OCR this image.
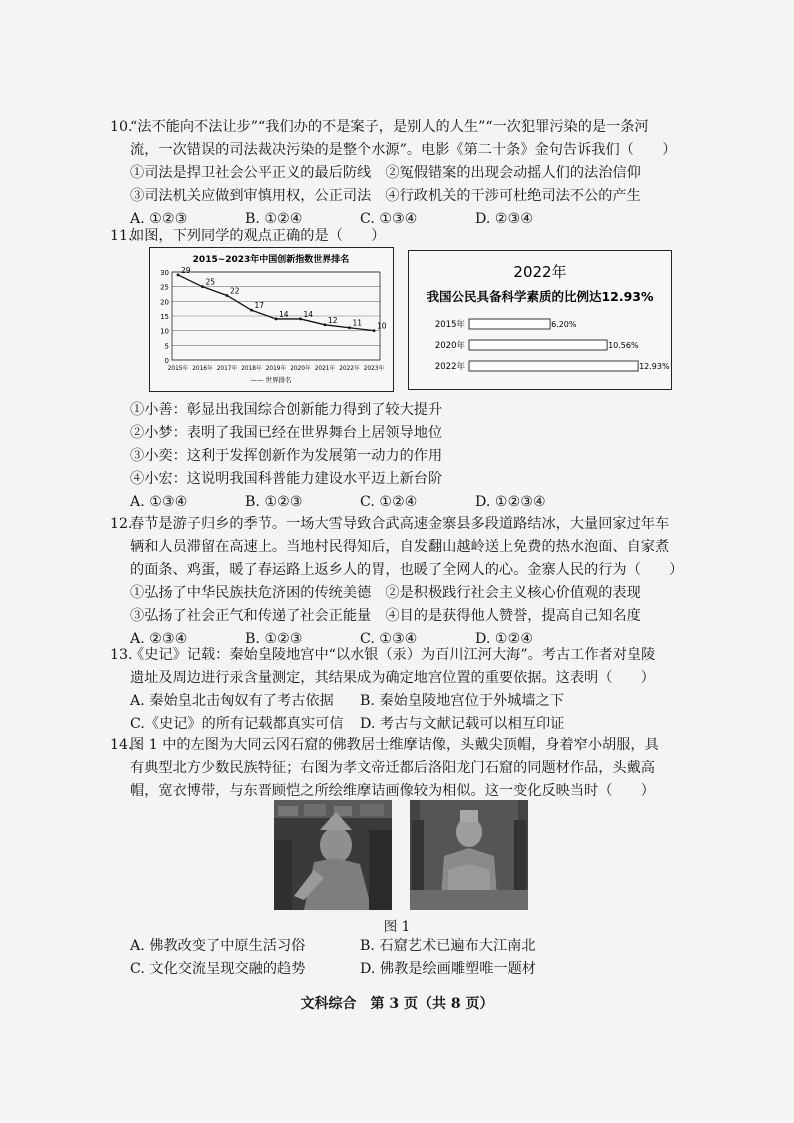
10.
“法不能向不法让步”“我们办的不是案子，是别人的人生”“一次犯罪污染的是一条河
流，一次错误的司法裁决污染的是整个水源”。电影《第二十条》金句告诉我们（　　）
①司法是捍卫社会公平正义的最后防线　②冤假错案的出现会动摇人们的法治信仰
③司法机关应做到审慎用权，公正司法　④行政机关的干涉可杜绝司法不公的产生
A. ①②③	B. ①②④	C. ①③④	D. ②③④
11.
如图，下列同学的观点正确的是（　　）
2015~2023年中国创新指数世界排名
30
25
20
15
10
5
0
29
25
22
17
14 14
12 11 10
2015年 2016年 2017年 2018年 2019年 2020年 2021年 2022年 2023年
—— 世界排名
2022年
我国公民具备科学素质的比例达12.93%
2015年	6.20%
2020年	10.56%
2022年	12.93%
①小善：彰显出我国综合创新能力得到了较大提升
②小梦：表明了我国已经在世界舞台上居领导地位
③小奕：这利于发挥创新作为发展第一动力的作用
④小宏：这说明我国科普能力建设水平迈上新台阶
A. ①③④	B. ①②③	C. ①②④	D. ①②③④
12.
春节是游子归乡的季节。一场大雪导致合武高速金寨县多段道路结冰，大量回家过年车
辆和人员滞留在高速上。当地村民得知后，自发翻山越岭送上免费的热水泡面、自家煮
的面条、鸡蛋，暖了春运路上返乡人的胃，也暖了全网人的心。金寨人民的行为（　　）
①弘扬了中华民族扶危济困的传统美德　②是积极践行社会主义核心价值观的表现
③弘扬了社会正气和传递了社会正能量　④目的是获得他人赞誉，提高自己知名度
A. ②③④	B. ①②③	C. ①③④	D. ①②④
13.
《史记》记载：秦始皇陵地宫中“以水银（汞）为百川江河大海”。考古工作者对皇陵
遗址及周边进行汞含量测定，其结果成为确定地宫位置的重要依据。这表明（　　）
A. 秦始皇北击匈奴有了考古依据	B. 秦始皇陵地宫位于外城墙之下
C.《史记》的所有记载都真实可信	D. 考古与文献记载可以相互印证
14.
图 1 中的左图为大同云冈石窟的佛教居士维摩诘像，头戴尖顶帽，身着窄小胡服，具
有典型北方少数民族特征；右图为孝文帝迁都后洛阳龙门石窟的同题材作品，头戴高
帽，宽衣博带，与东晋顾恺之所绘维摩诘画像较为相似。这一变化反映当时（　　）
图 1
A. 佛教改变了中原生活习俗	B. 石窟艺术已遍布大江南北
C. 文化交流呈现交融的趋势	D. 佛教是绘画雕塑唯一题材
文科综合　第 3 页（共 8 页）
